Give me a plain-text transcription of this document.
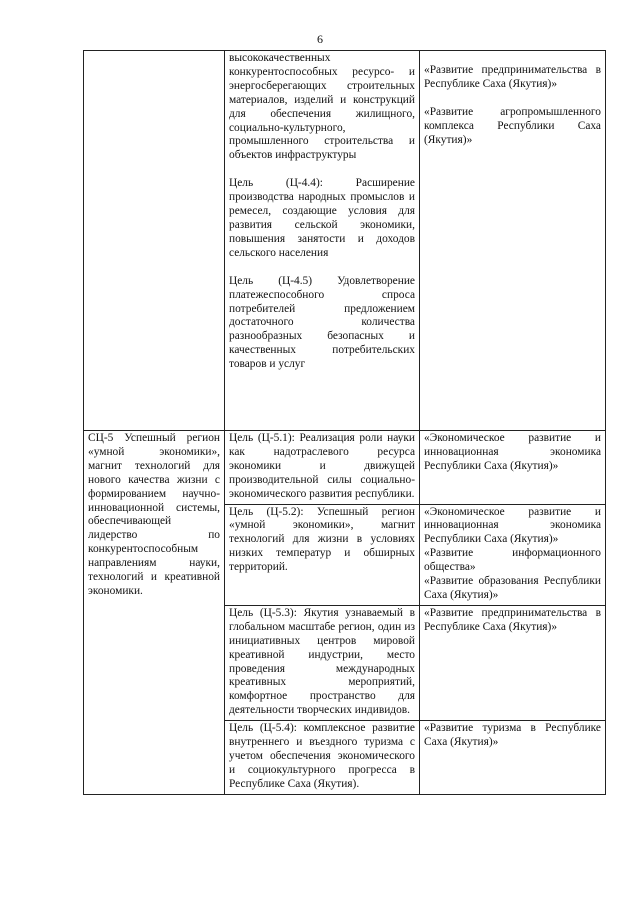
6

	высококачественных конкурентоспособных ресурсо- и энергосберегающих строительных материалов, изделий и конструкций для обеспечения жилищного, социально-культурного, промышленного строительства и объектов инфраструктуры
Цель (Ц-4.4): Расширение производства народных промыслов и ремесел, создающие условия для развития сельской экономики, повышения занятости и доходов сельского населения
Цель (Ц-4.5) Удовлетворение платежеспособного спроса потребителей предложением достаточного количества разнообразных безопасных и качественных потребительских товаров и услуг	«Развитие предпринимательства в Республике Саха (Якутия)»
«Развитие агропромышленного комплекса Республики Саха (Якутия)»

СЦ-5 Успешный регион «умной экономики», магнит технологий для нового качества жизни с формированием научно-инновационной системы, обеспечивающей лидерство по конкурентоспособным направлениям науки, технологий и креативной экономики.	Цель (Ц-5.1): Реализация роли науки как надотраслевого ресурса экономики и движущей производительной силы социально-экономического развития республики.	«Экономическое развитие и инновационная экономика Республики Саха (Якутия)»

	Цель (Ц-5.2): Успешный регион «умной экономики», магнит технологий для жизни в условиях низких температур и обширных территорий.	«Экономическое развитие и инновационная экономика Республики Саха (Якутия)»
«Развитие информационного общества»
«Развитие образования Республики Саха (Якутия)»

	Цель (Ц-5.3): Якутия узнаваемый в глобальном масштабе регион, один из инициативных центров мировой креативной индустрии, место проведения международных креативных мероприятий, комфортное пространство для деятельности творческих индивидов.	«Развитие предпринимательства в Республике Саха (Якутия)»

	Цель (Ц-5.4): комплексное развитие внутреннего и въездного туризма с учетом обеспечения экономического и социокультурного прогресса в Республике Саха (Якутия).	«Развитие туризма в Республике Саха (Якутия)»
